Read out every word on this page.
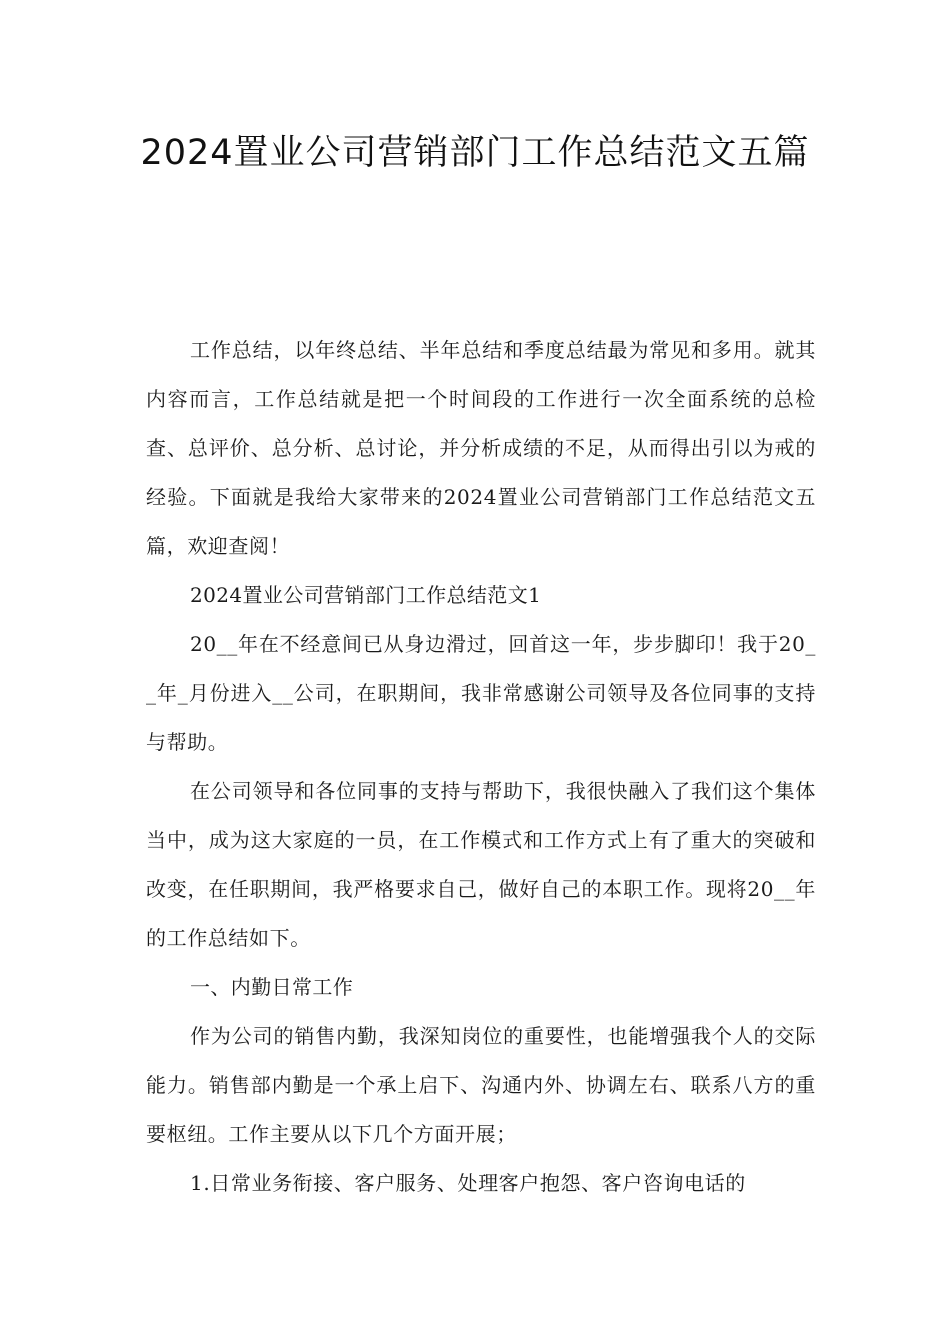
2024置业公司营销部门工作总结范文五篇

工作总结，以年终总结、半年总结和季度总结最为常见和多用。就其内容而言，工作总结就是把一个时间段的工作进行一次全面系统的总检查、总评价、总分析、总讨论，并分析成绩的不足，从而得出引以为戒的经验。下面就是我给大家带来的2024置业公司营销部门工作总结范文五篇，欢迎查阅！

2024置业公司营销部门工作总结范文1

20__年在不经意间已从身边滑过，回首这一年，步步脚印！我于20__年_月份进入__公司，在职期间，我非常感谢公司领导及各位同事的支持与帮助。

在公司领导和各位同事的支持与帮助下，我很快融入了我们这个集体当中，成为这大家庭的一员，在工作模式和工作方式上有了重大的突破和改变，在任职期间，我严格要求自己，做好自己的本职工作。现将20__年的工作总结如下。

一、内勤日常工作

作为公司的销售内勤，我深知岗位的重要性，也能增强我个人的交际能力。销售部内勤是一个承上启下、沟通内外、协调左右、联系八方的重要枢纽。工作主要从以下几个方面开展；

1.日常业务衔接、客户服务、处理客户抱怨、客户咨询电话的
